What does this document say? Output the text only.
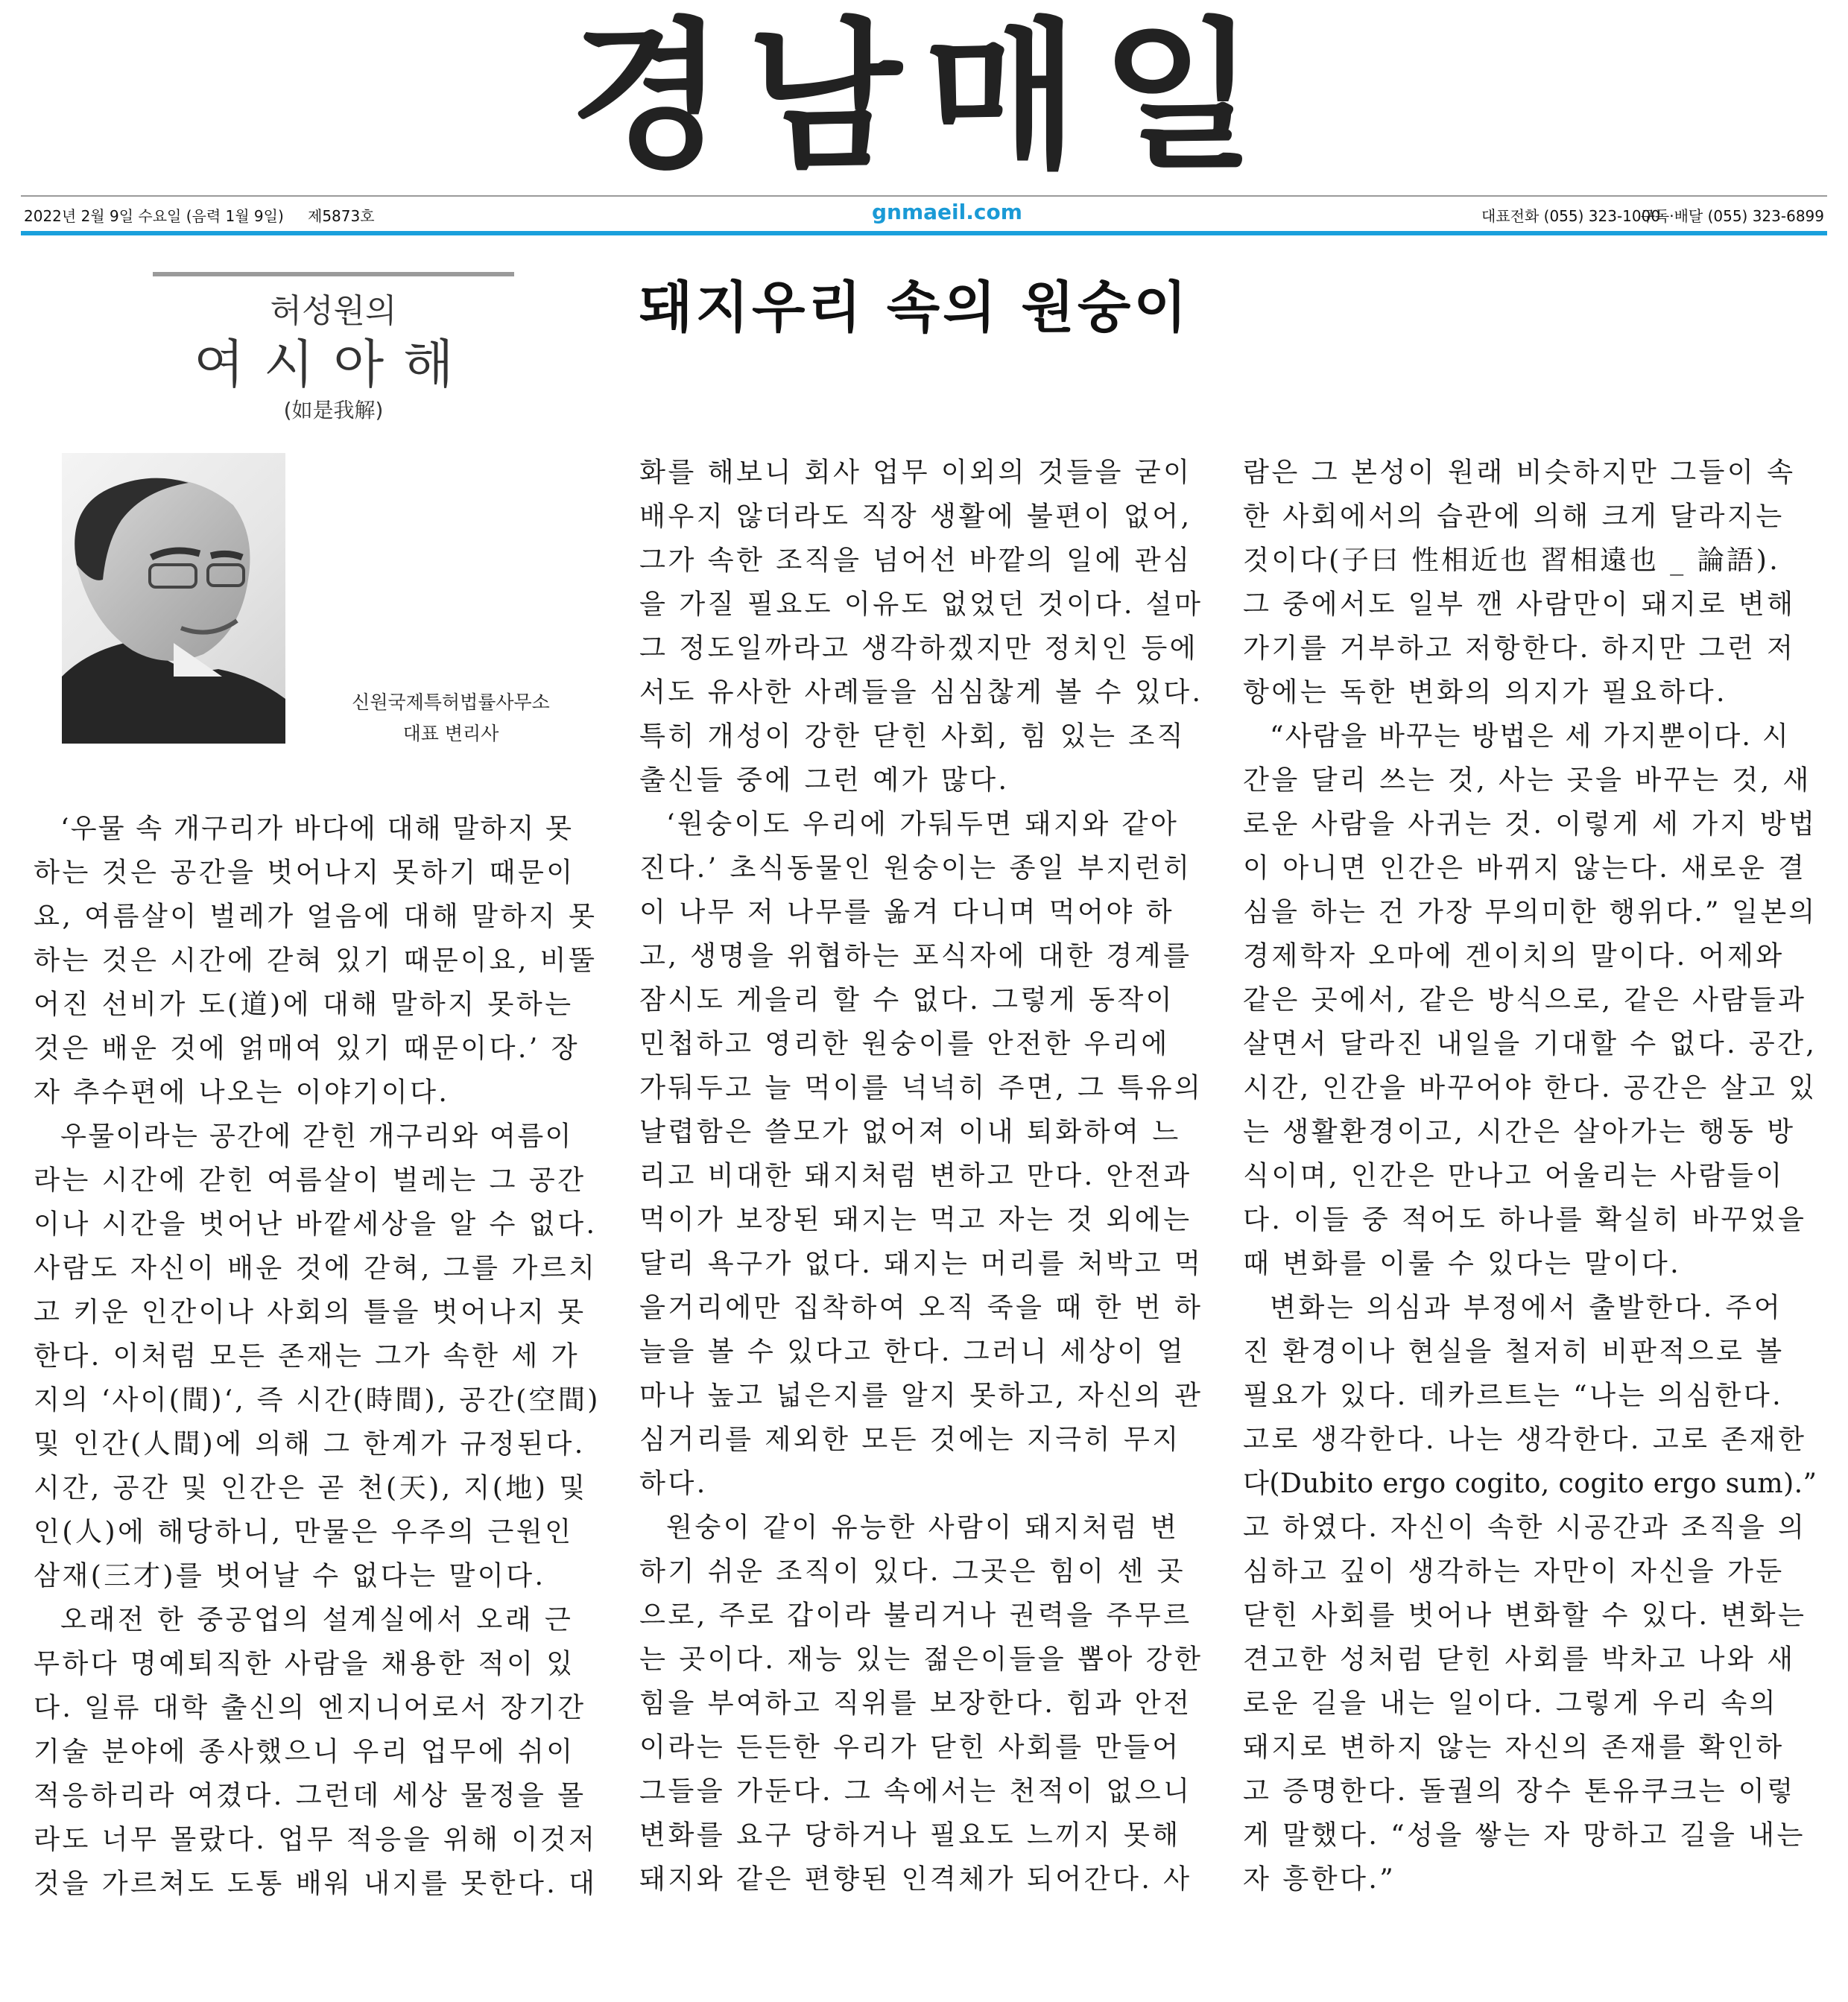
경남매일
2022년 2월 9일 수요일 (음력 1월 9일) 제5873호	gnmaeil.com	대표전화 (055) 323-1000
구독·배달 (055) 323-6899
허성원의
여시아해
(如是我解)
신원국제특허법률사무소
대표 변리사
돼지우리 속의 원숭이

‘우물 속 개구리가 바다에 대해 말하지 못

하는 것은 공간을 벗어나지 못하기 때문이

요, 여름살이 벌레가 얼음에 대해 말하지 못

하는 것은 시간에 갇혀 있기 때문이요, 비뚤

어진 선비가 도(道)에 대해 말하지 못하는

것은 배운 것에 얽매여 있기 때문이다.’ 장

자 추수편에 나오는 이야기이다.

우물이라는 공간에 갇힌 개구리와 여름이

라는 시간에 갇힌 여름살이 벌레는 그 공간

이나 시간을 벗어난 바깥세상을 알 수 없다.

사람도 자신이 배운 것에 갇혀, 그를 가르치

고 키운 인간이나 사회의 틀을 벗어나지 못

한다. 이처럼 모든 존재는 그가 속한 세 가

지의 ‘사이(間)‘, 즉 시간(時間), 공간(空間)

및 인간(人間)에 의해 그 한계가 규정된다.

시간, 공간 및 인간은 곧 천(天), 지(地) 및

인(人)에 해당하니, 만물은 우주의 근원인

삼재(三才)를 벗어날 수 없다는 말이다.

오래전 한 중공업의 설계실에서 오래 근

무하다 명예퇴직한 사람을 채용한 적이 있

다. 일류 대학 출신의 엔지니어로서 장기간

기술 분야에 종사했으니 우리 업무에 쉬이

적응하리라 여겼다. 그런데 세상 물정을 몰

라도 너무 몰랐다. 업무 적응을 위해 이것저

것을 가르쳐도 도통 배워 내지를 못한다. 대

화를 해보니 회사 업무 이외의 것들을 굳이

배우지 않더라도 직장 생활에 불편이 없어,

그가 속한 조직을 넘어선 바깥의 일에 관심

을 가질 필요도 이유도 없었던 것이다. 설마

그 정도일까라고 생각하겠지만 정치인 등에

서도 유사한 사례들을 심심찮게 볼 수 있다.

특히 개성이 강한 닫힌 사회, 힘 있는 조직

출신들 중에 그런 예가 많다.

‘원숭이도 우리에 가둬두면 돼지와 같아

진다.’ 초식동물인 원숭이는 종일 부지런히

이 나무 저 나무를 옮겨 다니며 먹어야 하

고, 생명을 위협하는 포식자에 대한 경계를

잠시도 게을리 할 수 없다. 그렇게 동작이

민첩하고 영리한 원숭이를 안전한 우리에

가둬두고 늘 먹이를 넉넉히 주면, 그 특유의

날렵함은 쓸모가 없어져 이내 퇴화하여 느

리고 비대한 돼지처럼 변하고 만다. 안전과

먹이가 보장된 돼지는 먹고 자는 것 외에는

달리 욕구가 없다. 돼지는 머리를 처박고 먹

을거리에만 집착하여 오직 죽을 때 한 번 하

늘을 볼 수 있다고 한다. 그러니 세상이 얼

마나 높고 넓은지를 알지 못하고, 자신의 관

심거리를 제외한 모든 것에는 지극히 무지

하다.

원숭이 같이 유능한 사람이 돼지처럼 변

하기 쉬운 조직이 있다. 그곳은 힘이 센 곳

으로, 주로 갑이라 불리거나 권력을 주무르

는 곳이다. 재능 있는 젊은이들을 뽑아 강한

힘을 부여하고 직위를 보장한다. 힘과 안전

이라는 든든한 우리가 닫힌 사회를 만들어

그들을 가둔다. 그 속에서는 천적이 없으니

변화를 요구 당하거나 필요도 느끼지 못해

돼지와 같은 편향된 인격체가 되어간다. 사

람은 그 본성이 원래 비슷하지만 그들이 속

한 사회에서의 습관에 의해 크게 달라지는

것이다(子曰 性相近也 習相遠也 _ 論語).

그 중에서도 일부 깬 사람만이 돼지로 변해

가기를 거부하고 저항한다. 하지만 그런 저

항에는 독한 변화의 의지가 필요하다.

“사람을 바꾸는 방법은 세 가지뿐이다. 시

간을 달리 쓰는 것, 사는 곳을 바꾸는 것, 새

로운 사람을 사귀는 것. 이렇게 세 가지 방법

이 아니면 인간은 바뀌지 않는다. 새로운 결

심을 하는 건 가장 무의미한 행위다.” 일본의

경제학자 오마에 겐이치의 말이다. 어제와

같은 곳에서, 같은 방식으로, 같은 사람들과

살면서 달라진 내일을 기대할 수 없다. 공간,

시간, 인간을 바꾸어야 한다. 공간은 살고 있

는 생활환경이고, 시간은 살아가는 행동 방

식이며, 인간은 만나고 어울리는 사람들이

다. 이들 중 적어도 하나를 확실히 바꾸었을

때 변화를 이룰 수 있다는 말이다.

변화는 의심과 부정에서 출발한다. 주어

진 환경이나 현실을 철저히 비판적으로 볼

필요가 있다. 데카르트는 “나는 의심한다.

고로 생각한다. 나는 생각한다. 고로 존재한

다(Dubito ergo cogito, cogito ergo sum).”

고 하였다. 자신이 속한 시공간과 조직을 의

심하고 깊이 생각하는 자만이 자신을 가둔

닫힌 사회를 벗어나 변화할 수 있다. 변화는

견고한 성처럼 닫힌 사회를 박차고 나와 새

로운 길을 내는 일이다. 그렇게 우리 속의

돼지로 변하지 않는 자신의 존재를 확인하

고 증명한다. 돌궐의 장수 톤유쿠크는 이렇

게 말했다. “성을 쌓는 자 망하고 길을 내는

자 흥한다.”
